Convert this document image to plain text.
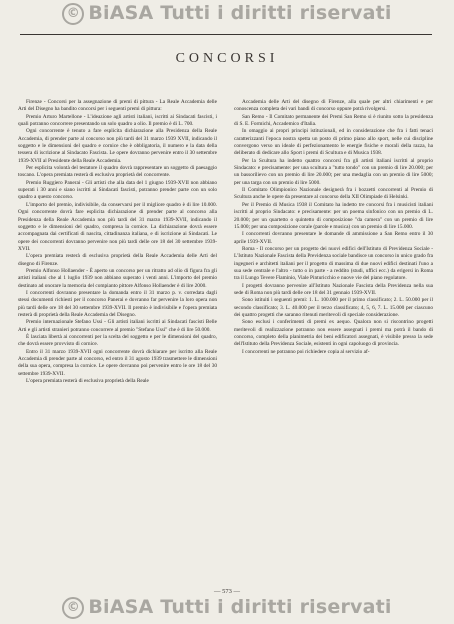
© BiASA Tutti i diritti riservati
CONCORSI

Firenze - Concorsi per la assegnazione di premi di pittura - La Reale Accademia delle Arti del Disegno ha bandito concorsi per i seguenti premi di pittura:

Premio Arturo Martellone - L'ideazione agli artisti italiani, iscritti ai Sindacati fascisti, i quali potranno concorrere presentando un solo quadro a olio. Il premio è di L. 700.

Ogni concorrente è tenuto a fare esplicita dichiarazione alla Presidenza della Reale Accademia, di prender parte al concorso non più tardi del 31 marzo 1939 XVII, indicando il soggetto e le dimensioni del quadro e cornice che è obbligatoria, il numero e la data della tessera di iscrizione al Sindacato Fascista. Le opere dovranno pervenire entro il 30 settembre 1939-XVII al Presidente della Reale Accademia.

Per esplicita volontà del testatore il quadro dovrà rappresentare un soggetto di paesaggio toscano. L'opera premiata resterà di esclusiva proprietà del concorrente.

Premio Ruggiero Panerai - Gli artisti che alla data del 1 giugno 1939-XVII non abbiano superati i 30 anni e siano iscritti ai Sindacati fascisti, potranno prender parte con un solo quadro a questo concorso.

L'importo del premio, indivisibile, da conservarsi per il migliore quadro è di lire 10.000. Ogni concorrente dovrà fare esplicita dichiarazione di prender parte al concorso alla Presidenza della Reale Accademia non più tardi del 31 marzo 1939-XVII, indicando il soggetto e le dimensioni del quadro, compresa la cornice. La dichiarazione dovrà essere accompagnata dai certificati di nascita, cittadinanza italiana, e di iscrizione ai Sindacati. Le opere dei concorrenti dovranno pervenire non più tardi delle ore 18 del 30 settembre 1939-XVII.

L'opera premiata resterà di esclusiva proprietà della Reale Accademia delle Arti del disegno di Firenze.

Premio Alfonso Hollaender - È aperto un concorso per un ritratto ad olio di figura fra gli artisti italiani che al 1 luglio 1939 non abbiano superato i venti anni. L'importo del premio destinato ad onorare la memoria del compianto pittore Alfonso Hollaender è di lire 2000.

I concorrenti dovranno presentare la domanda entro il 31 marzo p. v. corredata dagli stessi documenti richiesti per il concorso Panerai e dovranno far pervenire la loro opera non più tardi delle ore 18 del 30 settembre 1939-XVII. Il premio è indivisibile e l'opera premiata resterà di proprietà della Reale Accademia del Disegno.

Premio internazionale Stefano Ussi - Gli artisti italiani iscritti ai Sindacati fascisti Belle Arti e gli artisti stranieri potranno concorrere al premio "Stefano Ussi" che è di lire 50.000.

È lasciata libertà ai concorrenti per la scelta del soggetto e per le dimensioni del quadro, che dovrà essere provvisto di cornice.

Entro il 31 marzo 1939-XVII ogni concorrente dovrà dichiarare per iscritto alla Reale Accademia di prender parte al concorso, ed entro il 31 agosto 1939 trasmettere le dimensioni della sua opera, compresa la cornice. Le opere dovranno poi pervenire entro le ore 18 del 30 settembre 1939-XVII.

L'opera premiata resterà di esclusiva proprietà della Reale

Accademia delle Arti del disegno di Firenze, alla quale per altri chiarimenti e per conoscenza completa dei vari bandi di concorso oppure potrà rivolgersi.

San Remo - Il Comitato permanente dei Premi San Remo si è riunito sotto la presidenza di S. E. Formichi, Accademico d'Italia.

In omaggio ai propri principi istituzionali, ed in considerazione che fra i fatti tenaci caratterizzanti l'epoca nostra spetta un posto di primo piano allo sport, nelle cui discipline convergono verso un ideale di perfezionamento le energie fisiche e morali della razza, ha deliberato di dedicare allo Sport i premi di Scultura e di Musica 1938.

Per la Scultura ha indetto quattro concorsi fra gli artisti italiani iscritti al proprio Sindacato: e precisamente: per una scultura a "tutto tondo" con un premio di lire 20.000; per un bassorilievo con un premio di lire 20.000; per una medaglia con un premio di lire 5000; per una targa con un premio di lire 5000.

Il Comitato Olimpionico Nazionale designerà fra i bozzetti concorrenti al Premio di Scultura anche le opere da presentare al concorso della XII Olimpiade di Helsinki.

Per il Premio di Musica 1938 il Comitato ha indetto tre concorsi fra i musicisti italiani iscritti al proprio Sindacato: e precisamente: per un poema sinfonico con un premio di L. 20.000; per un quartetto o quintetto di composizione "da camera" con un premio di lire 15.000; per una composizione corale (parole e musica) con un premio di lire 15.000.

I concorrenti dovranno presentare le domande di ammissione a San Remo entro il 30 aprile 1939-XVII.

Roma - Il concorso per un progetto dei nuovi edifici dell'Istituto di Previdenza Sociale - L'Istituto Nazionale Fascista della Previdenza sociale bandisce un concorso in unico grado fra ingegneri e architetti italiani per il progetto di massima di due nuovi edifici destinati l'uno a sua sede centrale e l'altro - tutto o in parte - a reddito (studi, uffici ecc.) da erigersi in Roma tra il Lungo Tevere Flaminio, Viale Pinturicchio e nuove vie del piano regolatore.

I progetti dovranno pervenire all'Istituto Nazionale Fascista della Previdenza nella sua sede di Roma non più tardi delle ore 18 del 31 gennaio 1939-XVII.

Sono istituiti i seguenti premi: 1. L. 100.000 per il primo classificato; 2. L. 50.000 per il secondo classificato; 3. L. 40.000 per il terzo classificato; 4, 5, 6, 7. L. 15.000 per ciascuno dei quattro progetti che saranno ritenuti meritevoli di speciale considerazione.

Sono esclusi i conferimenti di premi ex aequo. Qualora non si riscontrino progetti meritevoli di realizzazione potranno non essere assegnati i premi ma potrà il bando di concorso, completo della planimetria dei beni edificatori assegnati, è visibile presso la sede dell'Istituto della Previdenza Sociale, esistenti in ogni capoluogo di provincia.

I concorrenti ne potranno poi richiedere copia al servizio af-

— 573 —
© BiASA Tutti i diritti riservati
